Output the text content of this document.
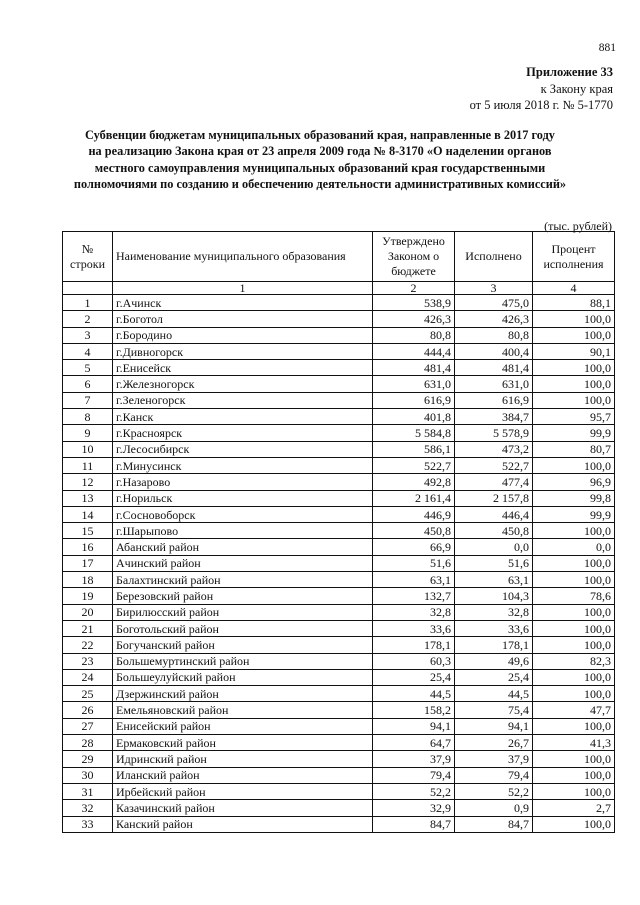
881
Приложение 33
к Закону края
от 5 июля 2018 г. № 5-1770
Субвенции бюджетам муниципальных образований края, направленные в 2017 году
на реализацию Закона края от 23 апреля 2009 года № 8-3170 «О наделении органов
местного самоуправления муниципальных образований края государственными
полномочиями по созданию и обеспечению деятельности административных комиссий»
(тыс. рублей)
№ строки	Наименование муниципального образования	Утверждено Законом о бюджете	Исполнено	Процент исполнения
	1	2	3	4
1	г.Ачинск	538,9	475,0	88,1
2	г.Боготол	426,3	426,3	100,0
3	г.Бородино	80,8	80,8	100,0
4	г.Дивногорск	444,4	400,4	90,1
5	г.Енисейск	481,4	481,4	100,0
6	г.Железногорск	631,0	631,0	100,0
7	г.Зеленогорск	616,9	616,9	100,0
8	г.Канск	401,8	384,7	95,7
9	г.Красноярск	5 584,8	5 578,9	99,9
10	г.Лесосибирск	586,1	473,2	80,7
11	г.Минусинск	522,7	522,7	100,0
12	г.Назарово	492,8	477,4	96,9
13	г.Норильск	2 161,4	2 157,8	99,8
14	г.Сосновоборск	446,9	446,4	99,9
15	г.Шарыпово	450,8	450,8	100,0
16	Абанский район	66,9	0,0	0,0
17	Ачинский район	51,6	51,6	100,0
18	Балахтинский район	63,1	63,1	100,0
19	Березовский район	132,7	104,3	78,6
20	Бирилюсский район	32,8	32,8	100,0
21	Боготольский район	33,6	33,6	100,0
22	Богучанский район	178,1	178,1	100,0
23	Большемуртинский район	60,3	49,6	82,3
24	Большеулуйский район	25,4	25,4	100,0
25	Дзержинский район	44,5	44,5	100,0
26	Емельяновский район	158,2	75,4	47,7
27	Енисейский район	94,1	94,1	100,0
28	Ермаковский район	64,7	26,7	41,3
29	Идринский район	37,9	37,9	100,0
30	Иланский район	79,4	79,4	100,0
31	Ирбейский район	52,2	52,2	100,0
32	Казачинский район	32,9	0,9	2,7
33	Канский район	84,7	84,7	100,0
